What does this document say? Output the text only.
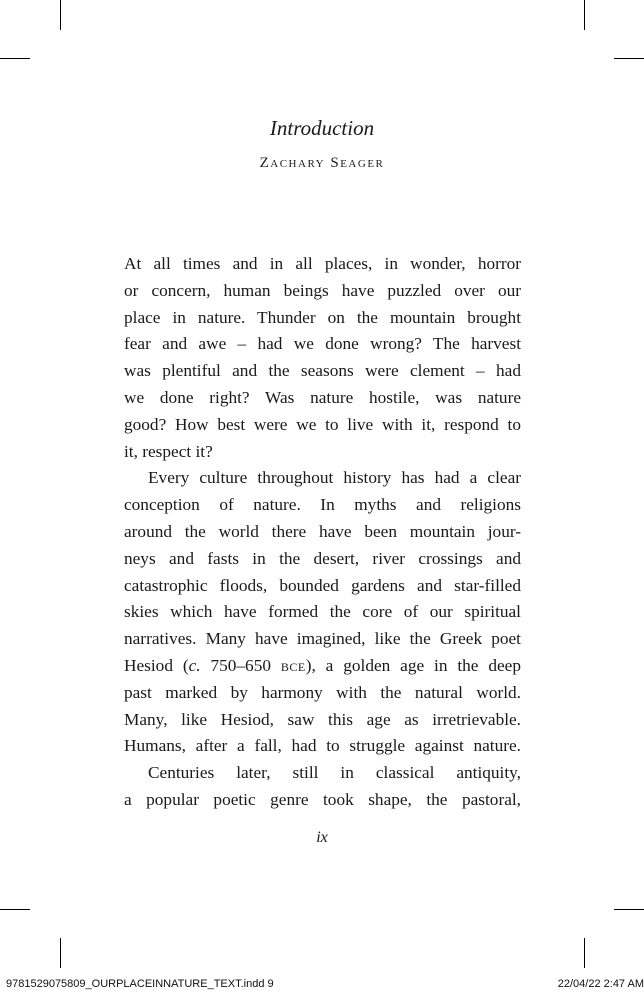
Introduction
Zachary Seager
At all times and in all places, in wonder, horror
or concern, human beings have puzzled over our
place in nature. Thunder on the mountain brought
fear and awe – had we done wrong? The harvest
was plentiful and the seasons were clement – had
we done right? Was nature hostile, was nature
good? How best were we to live with it, respond to
it, respect it?
Every culture throughout history has had a clear
conception of nature. In myths and religions
around the world there have been mountain jour-
neys and fasts in the desert, river crossings and
catastrophic floods, bounded gardens and star-filled
skies which have formed the core of our spiritual
narratives. Many have imagined, like the Greek poet
Hesiod (c. 750–650 bce), a golden age in the deep
past marked by harmony with the natural world.
Many, like Hesiod, saw this age as irretrievable.
Humans, after a fall, had to struggle against nature.
Centuries later, still in classical antiquity,
a popular poetic genre took shape, the pastoral,
ix
9781529075809_OURPLACEINNATURE_TEXT.indd 9	22/04/22 2:47 AM
